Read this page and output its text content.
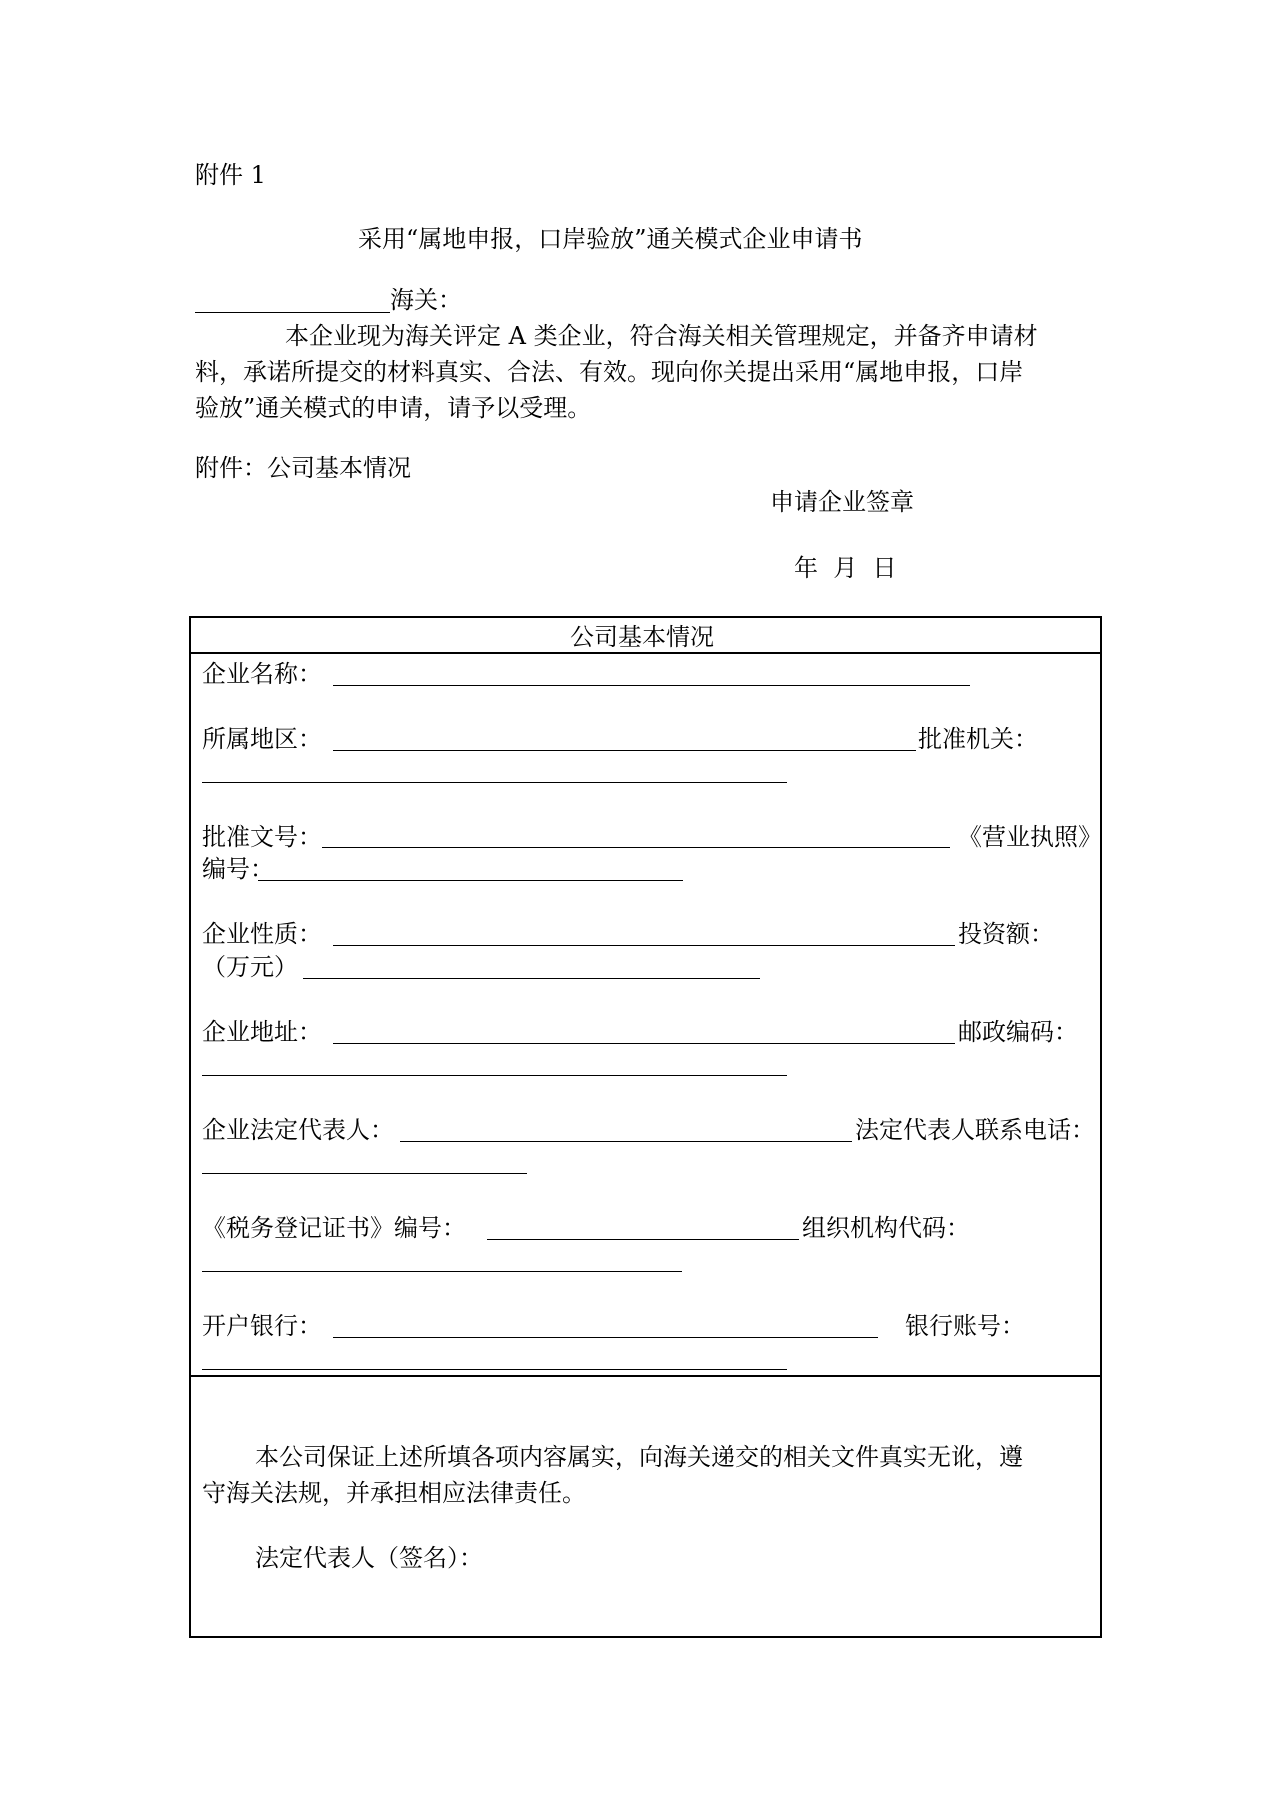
附件 1
采用“属地申报，口岸验放”通关模式企业申请书
海关：
本企业现为海关评定 A 类企业，符合海关相关管理规定，并备齐申请材
料，承诺所提交的材料真实、合法、有效。现向你关提出采用“属地申报，口岸
验放”通关模式的申请，请予以受理。
附件：公司基本情况
申请企业签章
年  月  日
公司基本情况
企业名称：
所属地区：	批准机关：
批准文号：	《营业执照》
编号：
企业性质：	投资额：
（万元）
企业地址：	邮政编码：
企业法定代表人：	法定代表人联系电话：
《税务登记证书》编号：	组织机构代码：
开户银行：	银行账号：
本公司保证上述所填各项内容属实，向海关递交的相关文件真实无讹，遵
守海关法规，并承担相应法律责任。
法定代表人（签名）：
